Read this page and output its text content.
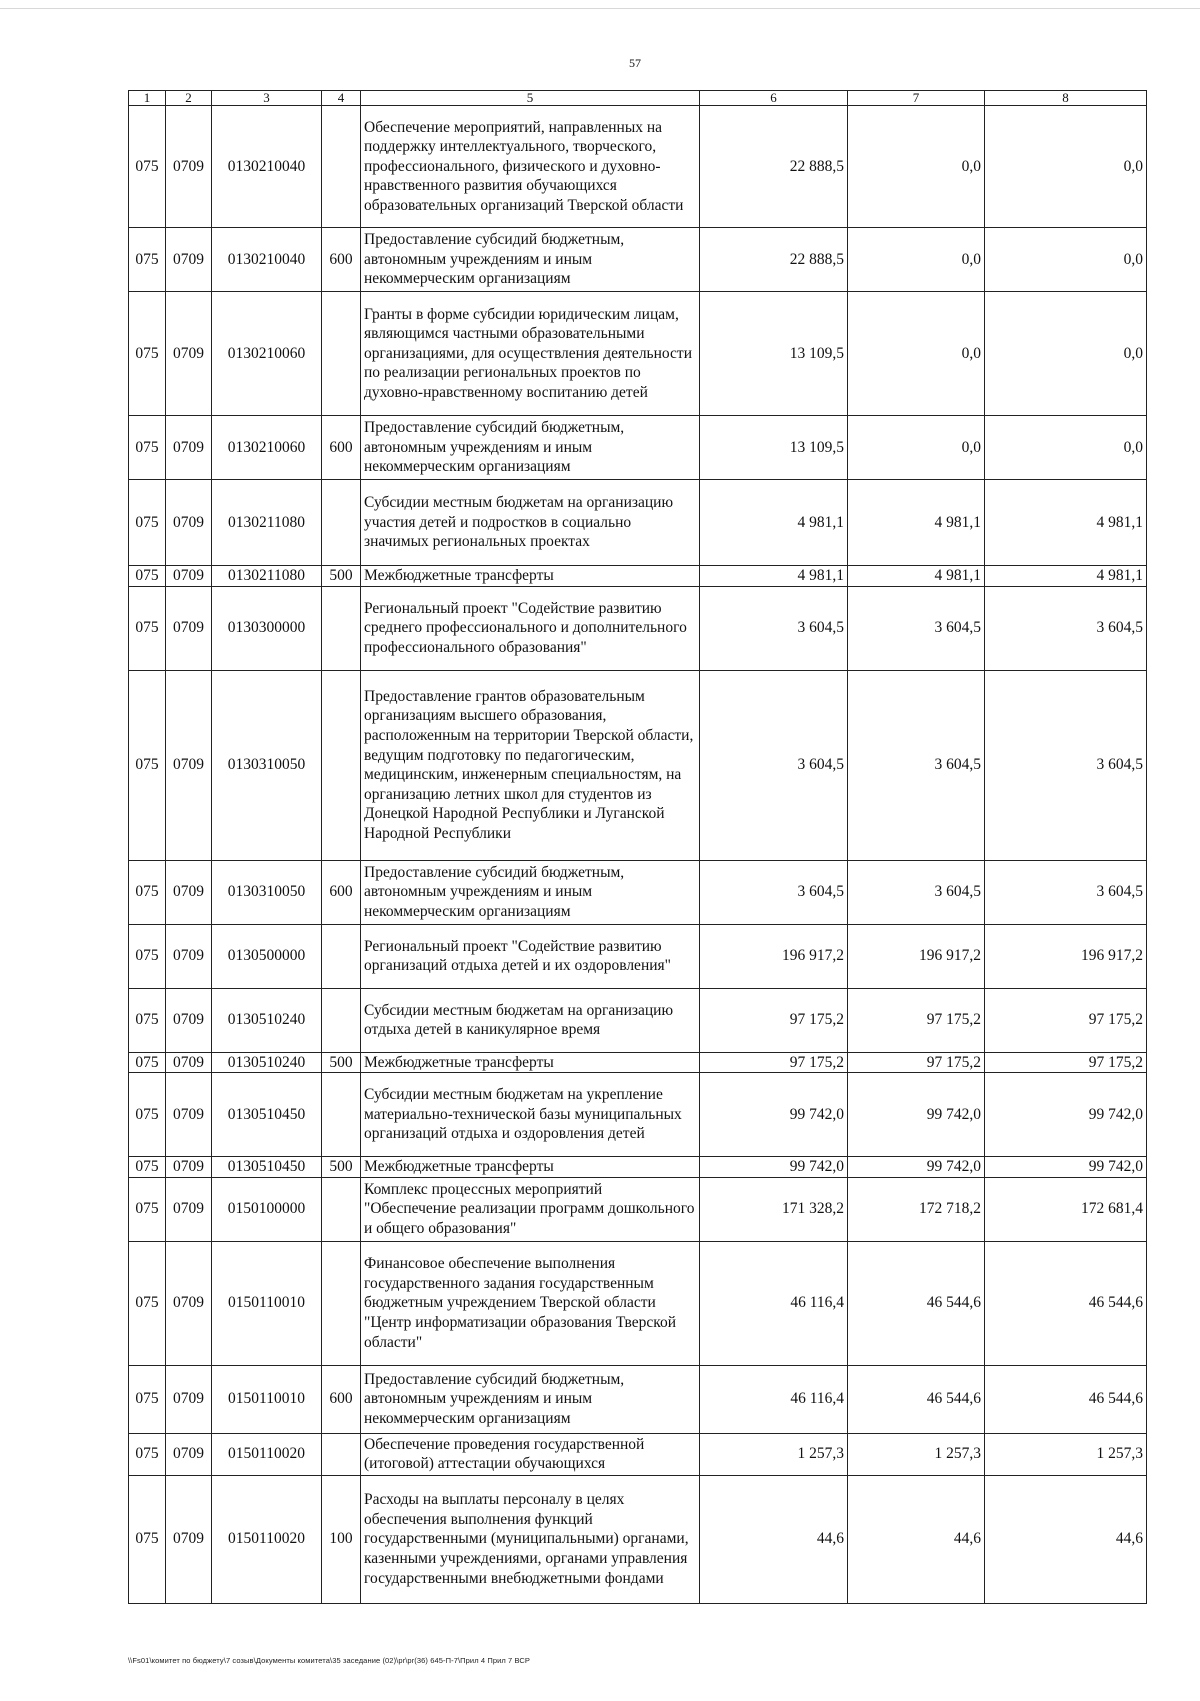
57
1	2	3	4	5	6	7	8
075	0709	0130210040		Обеспечение мероприятий, направленных на поддержку интеллектуального, творческого, профессионального, физического и духовно-нравственного развития обучающихся образовательных организаций Тверской области	22 888,5	0,0	0,0
075	0709	0130210040	600	Предоставление субсидий бюджетным, автономным учреждениям и иным некоммерческим организациям	22 888,5	0,0	0,0
075	0709	0130210060		Гранты в форме субсидии юридическим лицам, являющимся частными образовательными организациями, для осуществления деятельности по реализации региональных проектов по духовно-нравственному воспитанию детей	13 109,5	0,0	0,0
075	0709	0130210060	600	Предоставление субсидий бюджетным, автономным учреждениям и иным некоммерческим организациям	13 109,5	0,0	0,0
075	0709	0130211080		Субсидии местным бюджетам на организацию участия детей и подростков в социально значимых региональных проектах	4 981,1	4 981,1	4 981,1
075	0709	0130211080	500	Межбюджетные трансферты	4 981,1	4 981,1	4 981,1
075	0709	0130300000		Региональный проект "Содействие развитию среднего профессионального и дополнительного профессионального образования"	3 604,5	3 604,5	3 604,5
075	0709	0130310050		Предоставление грантов образовательным организациям высшего образования, расположенным на территории Тверской области, ведущим подготовку по педагогическим, медицинским, инженерным специальностям, на организацию летних школ для студентов из Донецкой Народной Республики и Луганской Народной Республики	3 604,5	3 604,5	3 604,5
075	0709	0130310050	600	Предоставление субсидий бюджетным, автономным учреждениям и иным некоммерческим организациям	3 604,5	3 604,5	3 604,5
075	0709	0130500000		Региональный проект "Содействие развитию организаций отдыха детей и их оздоровления"	196 917,2	196 917,2	196 917,2
075	0709	0130510240		Субсидии местным бюджетам на организацию отдыха детей в каникулярное время	97 175,2	97 175,2	97 175,2
075	0709	0130510240	500	Межбюджетные трансферты	97 175,2	97 175,2	97 175,2
075	0709	0130510450		Субсидии местным бюджетам на укрепление материально-технической базы муниципальных организаций отдыха и оздоровления детей	99 742,0	99 742,0	99 742,0
075	0709	0130510450	500	Межбюджетные трансферты	99 742,0	99 742,0	99 742,0
075	0709	0150100000		Комплекс процессных мероприятий "Обеспечение реализации программ дошкольного и общего образования"	171 328,2	172 718,2	172 681,4
075	0709	0150110010		Финансовое обеспечение выполнения государственного задания государственным бюджетным учреждением Тверской области "Центр информатизации образования Тверской области"	46 116,4	46 544,6	46 544,6
075	0709	0150110010	600	Предоставление субсидий бюджетным, автономным учреждениям и иным некоммерческим организациям	46 116,4	46 544,6	46 544,6
075	0709	0150110020		Обеспечение проведения государственной (итоговой) аттестации обучающихся	1 257,3	1 257,3	1 257,3
075	0709	0150110020	100	Расходы на выплаты персоналу в целях обеспечения выполнения функций государственными (муниципальными) органами, казенными учреждениями, органами управления государственными внебюджетными фондами	44,6	44,6	44,6
\\Fs01\комитет по бюджету\7 созыв\Документы комитета\35 заседание (02)\pr\pr(36) 645-П-7\Прил 4 Прил 7 ВСР
